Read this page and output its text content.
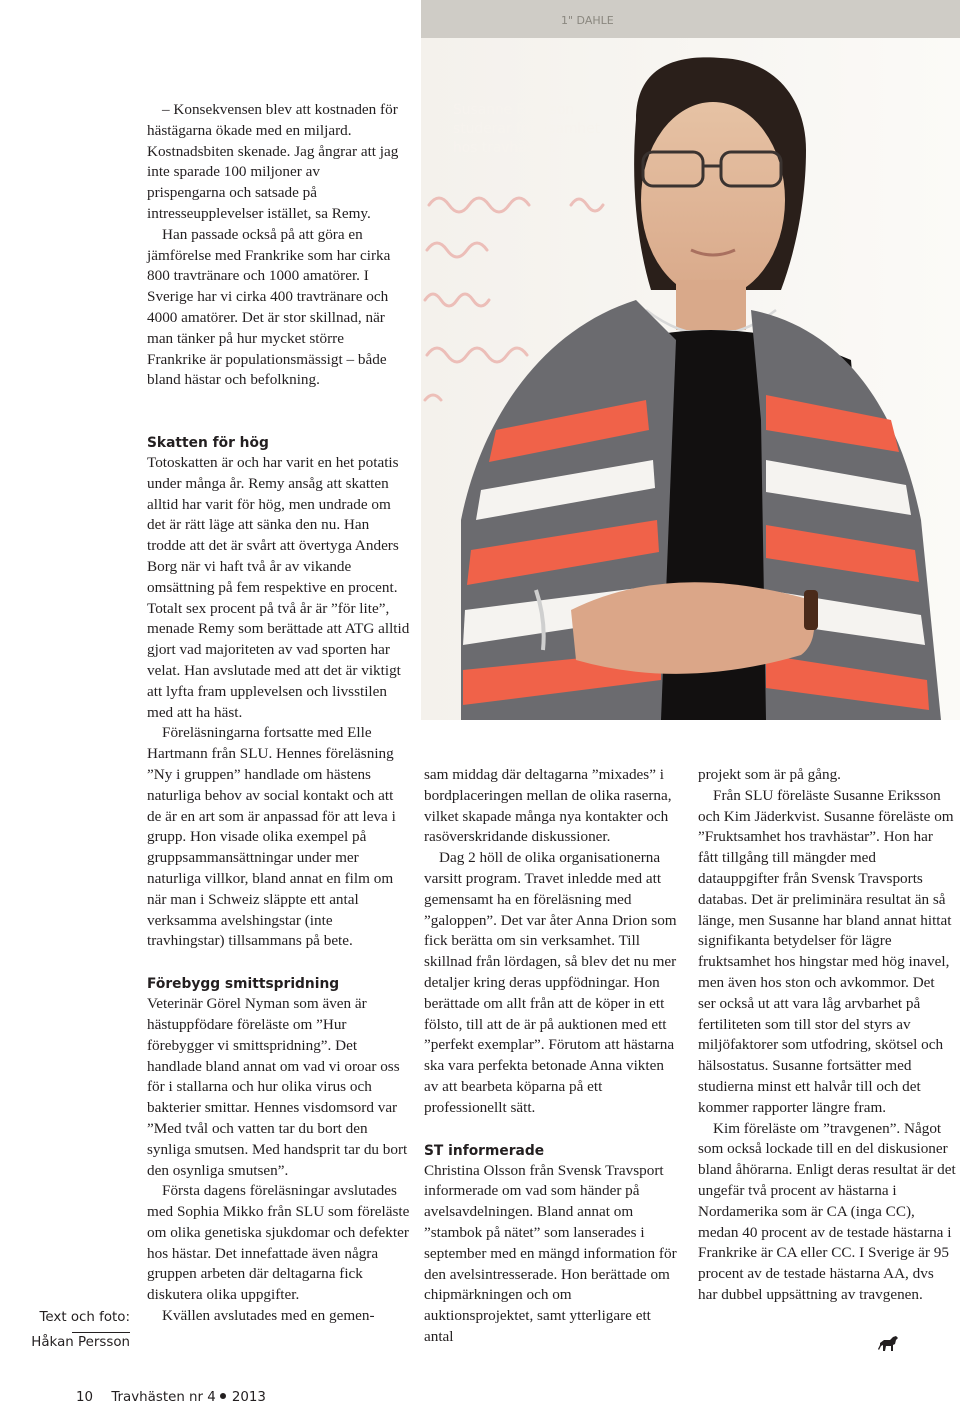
1" DAHLE
Susanne Eriksson
studerar fruktsamhet
hos travhästar.

– Konsekvensen blev att kostnaden för hästägarna ökade med en miljard. Kostnadsbiten skenade. Jag ångrar att jag inte sparade 100 miljoner av prispengarna och satsade på intresseupplevelser istället, sa Remy.

Han passade också på att göra en jämförelse med Frankrike som har cirka 800 travtränare och 1000 amatörer. I Sverige har vi cirka 400 travtränare och 4000 amatörer. Det är stor skillnad, när man tänker på hur mycket större Frankrike är populationsmässigt – både bland hästar och befolkning.

Skatten för hög

Totoskatten är och har varit en het potatis under många år. Remy ansåg att skatten alltid har varit för hög, men undrade om det är rätt läge att sänka den nu. Han trodde att det är svårt att övertyga Anders Borg när vi haft två år av vikande omsättning på fem respektive en procent. Totalt sex procent på två år är ”för lite”, menade Remy som berättade att ATG alltid gjort vad majoriteten av vad sporten har velat. Han avslutade med att det är viktigt att lyfta fram upplevelsen och livsstilen med att ha häst.

Föreläsningarna fortsatte med Elle Hartmann från SLU. Hennes föreläsning ”Ny i gruppen” handlade om hästens naturliga behov av social kontakt och att de är en art som är anpassad för att leva i grupp. Hon visade olika exempel på gruppsammansättningar under mer naturliga villkor, bland annat en film om när man i Schweiz släppte ett antal verksamma avelshingstar (inte travhingstar) tillsammans på bete.

Förebygg smittspridning

Veterinär Görel Nyman som även är hästuppfödare föreläste om ”Hur förebygger vi smittspridning”. Det handlade bland annat om vad vi oroar oss för i stallarna och hur olika virus och bakterier smittar. Hennes visdomsord var ”Med tvål och vatten tar du bort den synliga smutsen. Med handsprit tar du bort den osynliga smutsen”.

Första dagens föreläsningar avslutades med Sophia Mikko från SLU som föreläste om olika genetiska sjukdomar och defekter hos hästar. Det innefattade även några gruppen arbeten där deltagarna fick diskutera olika uppgifter.

Kvällen avslutades med en gemen-

sam middag där deltagarna ”mixades” i bordplaceringen mellan de olika raserna, vilket skapade många nya kontakter och rasöverskridande diskussioner.

Dag 2 höll de olika organisationerna varsitt program. Travet inledde med att gemensamt ha en föreläsning med ”galoppen”. Det var åter Anna Drion som fick berätta om sin verksamhet. Till skillnad från lördagen, så blev det nu mer detaljer kring deras uppfödningar. Hon berättade om allt från att de köper in ett fölsto, till att de är på auktionen med ett ”perfekt exemplar”. Förutom att hästarna ska vara perfekta betonade Anna vikten av att bearbeta köparna på ett professionellt sätt.

ST informerade

Christina Olsson från Svensk Travsport informerade om vad som händer på avelsavdelningen. Bland annat om ”stambok på nätet” som lanserades i september med en mängd information för den avelsintresserade. Hon berättade om chipmärkningen och om auktionsprojektet, samt ytterligare ett antal

projekt som är på gång.

Från SLU föreläste Susanne Eriksson och Kim Jäderkvist. Susanne föreläste om ”Fruktsamhet hos travhästar”. Hon har fått tillgång till mängder med datauppgifter från Svensk Travsports databas. Det är preliminära resultat än så länge, men Susanne har bland annat hittat signifikanta betydelser för lägre fruktsamhet hos hingstar med hög inavel, men även hos ston och avkommor. Det ser också ut att vara låg arvbarhet på fertiliteten som till stor del styrs av miljöfaktorer som utfodring, skötsel och hälsostatus. Susanne fortsätter med studierna minst ett halvår till och det kommer rapporter längre fram.

Kim föreläste om ”travgenen”. Något som också lockade till en del diskusioner bland åhörarna. Enligt deras resultat är det ungefär två procent av hästarna i Nordamerika som är CA (inga CC), medan 40 procent av de testade hästarna i Frankrike är CA eller CC. I Sverige är 95 procent av de testade hästarna AA, dvs har dubbel uppsättning av travgenen.

Text och foto:
Håkan Persson
10 Travhästen nr 4 2013
